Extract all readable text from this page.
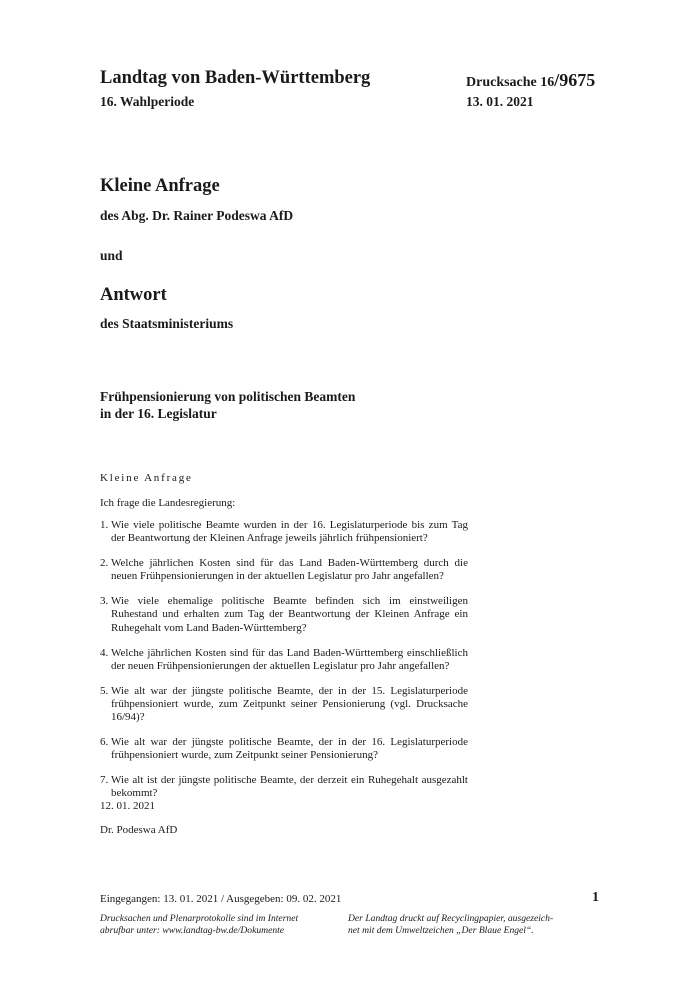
Landtag von Baden-Württemberg
16. Wahlperiode
Drucksache 16/9675
13. 01. 2021
Kleine Anfrage
des Abg. Dr. Rainer Podeswa AfD
und
Antwort
des Staatsministeriums
Frühpensionierung von politischen Beamten
in der 16. Legislatur
Kleine Anfrage
Ich frage die Landesregierung:
1. Wie viele politische Beamte wurden in der 16. Legislaturperiode bis zum Tag der Beantwortung der Kleinen Anfrage jeweils jährlich frühpensioniert?
2. Welche jährlichen Kosten sind für das Land Baden-Württemberg durch die neuen Frühpensionierungen in der aktuellen Legislatur pro Jahr angefallen?
3. Wie viele ehemalige politische Beamte befinden sich im einstweiligen Ruhestand und erhalten zum Tag der Beantwortung der Kleinen Anfrage ein Ruhegehalt vom Land Baden-Württemberg?
4. Welche jährlichen Kosten sind für das Land Baden-Württemberg einschließlich der neuen Frühpensionierungen der aktuellen Legislatur pro Jahr angefallen?
5. Wie alt war der jüngste politische Beamte, der in der 15. Legislaturperiode frühpensioniert wurde, zum Zeitpunkt seiner Pensionierung (vgl. Drucksache 16/94)?
6. Wie alt war der jüngste politische Beamte, der in der 16. Legislaturperiode frühpensioniert wurde, zum Zeitpunkt seiner Pensionierung?
7. Wie alt ist der jüngste politische Beamte, der derzeit ein Ruhegehalt ausgezahlt bekommt?
12. 01. 2021
Dr. Podeswa AfD
Eingegangen: 13. 01. 2021 / Ausgegeben: 09. 02. 2021	1
Drucksachen und Plenarprotokolle sind im Internet
abrufbar unter: www.landtag-bw.de/Dokumente
Der Landtag druckt auf Recyclingpapier, ausgezeich-
net mit dem Umweltzeichen „Der Blaue Engel“.
